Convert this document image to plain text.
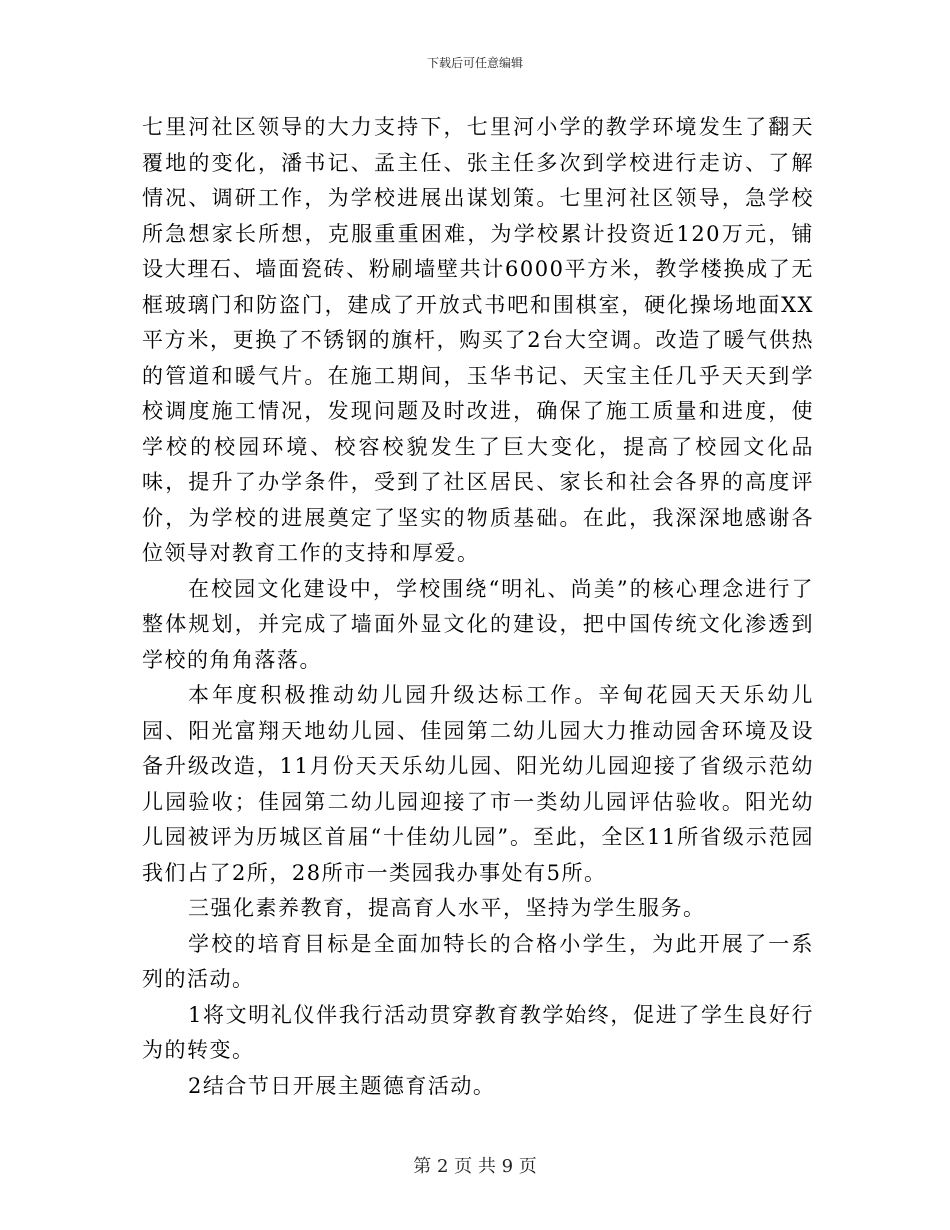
下载后可任意编辑

七里河社区领导的大力支持下，七里河小学的教学环境发生了翻天覆地的变化，潘书记、孟主任、张主任多次到学校进行走访、了解情况、调研工作，为学校进展出谋划策。七里河社区领导，急学校所急想家长所想，克服重重困难，为学校累计投资近120万元，铺设大理石、墙面瓷砖、粉刷墙壁共计6000平方米，教学楼换成了无框玻璃门和防盗门，建成了开放式书吧和围棋室，硬化操场地面XX平方米，更换了不锈钢的旗杆，购买了2台大空调。改造了暖气供热的管道和暖气片。在施工期间，玉华书记、天宝主任几乎天天到学校调度施工情况，发现问题及时改进，确保了施工质量和进度，使学校的校园环境、校容校貌发生了巨大变化，提高了校园文化品味，提升了办学条件，受到了社区居民、家长和社会各界的高度评价，为学校的进展奠定了坚实的物质基础。在此，我深深地感谢各位领导对教育工作的支持和厚爱。

在校园文化建设中，学校围绕“明礼、尚美”的核心理念进行了整体规划，并完成了墙面外显文化的建设，把中国传统文化渗透到学校的角角落落。

本年度积极推动幼儿园升级达标工作。辛甸花园天天乐幼儿园、阳光富翔天地幼儿园、佳园第二幼儿园大力推动园舍环境及设备升级改造，11月份天天乐幼儿园、阳光幼儿园迎接了省级示范幼儿园验收；佳园第二幼儿园迎接了市一类幼儿园评估验收。阳光幼儿园被评为历城区首届“十佳幼儿园”。至此，全区11所省级示范园我们占了2所，28所市一类园我办事处有5所。

三强化素养教育，提高育人水平，坚持为学生服务。

学校的培育目标是全面加特长的合格小学生，为此开展了一系列的活动。

1将文明礼仪伴我行活动贯穿教育教学始终，促进了学生良好行为的转变。

2结合节日开展主题德育活动。

第 2 页 共 9 页
